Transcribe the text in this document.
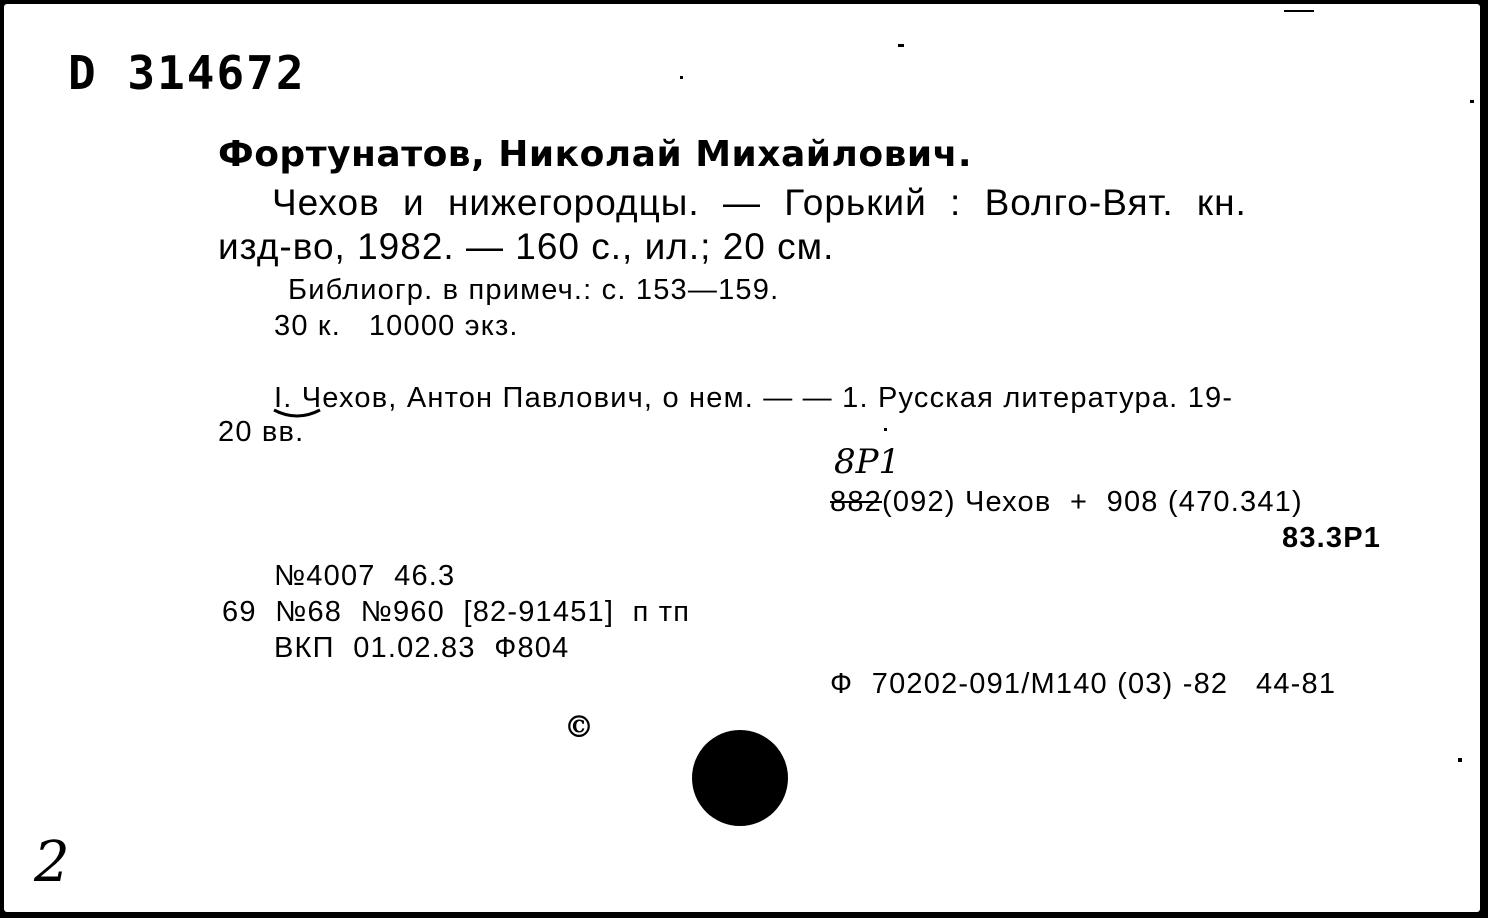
D 314672
Фортунатов, Николай Михайлович.
Чехов и нижегородцы. — Горький : Волго-Вят. кн.
изд-во, 1982. — 160 с., ил.; 20 см.
Библиогр. в примеч.: с. 153—159.
30 к.   10000 экз.
I. Чехов, Антон Павлович, о нем. — — 1. Русская литература. 19-
20 вв.
8Р1
882(092) Чехов  +  908 (470.341)
83.3Р1
№4007  46.3
69  №68  №960  [82-91451]  п тп
ВКП  01.02.83  Ф804
Ф  70202-091/М140 (03) -82   44-81
©
2
